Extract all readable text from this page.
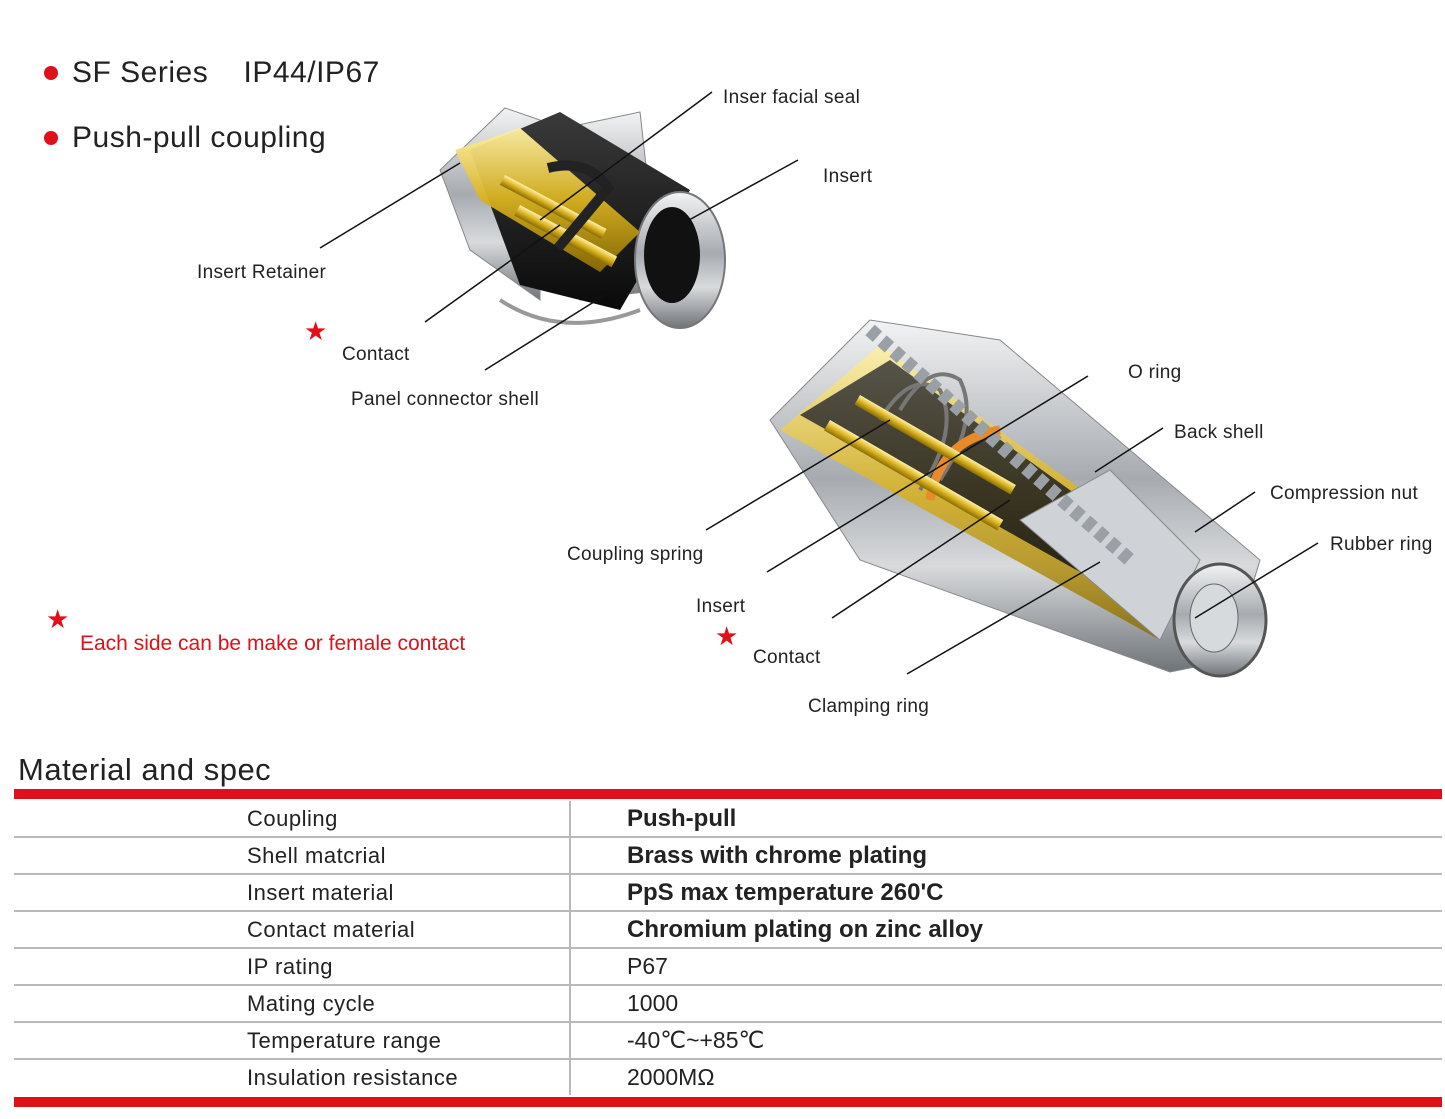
SF Series    IP44/IP67
Push-pull coupling
Inser facial seal
Insert
Insert Retainer
★
Contact
Panel connector shell
O ring
Back shell
Compression nut
Rubber ring
Coupling spring
Insert
★
Contact
Clamping ring
★
Each side can be make or female contact
Material and spec
Coupling	Push-pull
Shell matcrial	Brass with chrome plating
Insert material	PpS max temperature 260'C
Contact material	Chromium plating on zinc alloy
IP rating	P67
Mating cycle	1000
Temperature range	-40℃~+85℃
Insulation resistance	2000MΩ
